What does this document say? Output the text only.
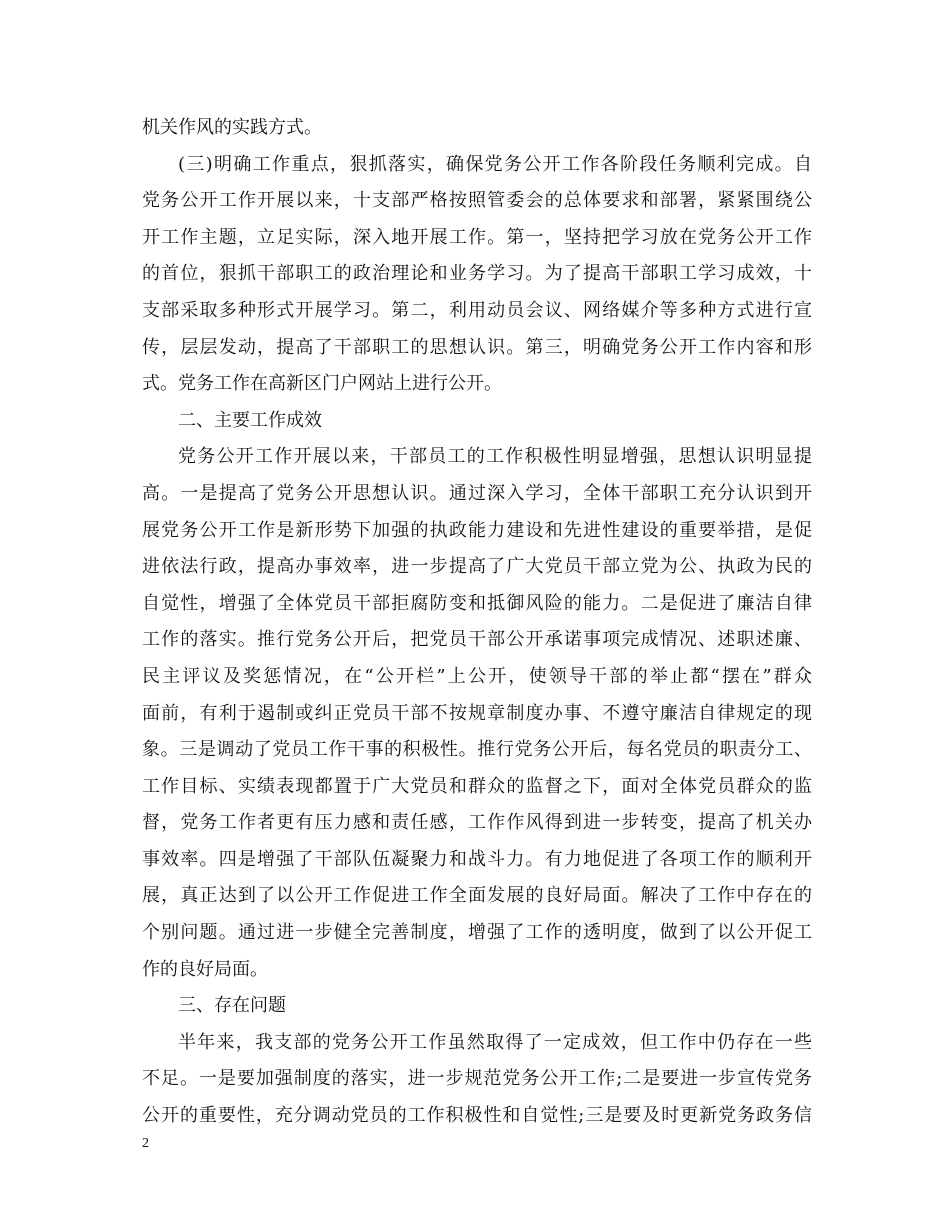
机关作风的实践方式。
(三)明确工作重点，狠抓落实，确保党务公开工作各阶段任务顺利完成。自
党务公开工作开展以来，十支部严格按照管委会的总体要求和部署，紧紧围绕公
开工作主题，立足实际，深入地开展工作。第一，坚持把学习放在党务公开工作
的首位，狠抓干部职工的政治理论和业务学习。为了提高干部职工学习成效，十
支部采取多种形式开展学习。第二，利用动员会议、网络媒介等多种方式进行宣
传，层层发动，提高了干部职工的思想认识。第三，明确党务公开工作内容和形
式。党务工作在高新区门户网站上进行公开。
二、主要工作成效
党务公开工作开展以来，干部员工的工作积极性明显增强，思想认识明显提
高。一是提高了党务公开思想认识。通过深入学习，全体干部职工充分认识到开
展党务公开工作是新形势下加强的执政能力建设和先进性建设的重要举措，是促
进依法行政，提高办事效率，进一步提高了广大党员干部立党为公、执政为民的
自觉性，增强了全体党员干部拒腐防变和抵御风险的能力。二是促进了廉洁自律
工作的落实。推行党务公开后，把党员干部公开承诺事项完成情况、述职述廉、
民主评议及奖惩情况，在“公开栏”上公开，使领导干部的举止都“摆在”群众
面前，有利于遏制或纠正党员干部不按规章制度办事、不遵守廉洁自律规定的现
象。三是调动了党员工作干事的积极性。推行党务公开后，每名党员的职责分工、
工作目标、实绩表现都置于广大党员和群众的监督之下，面对全体党员群众的监
督，党务工作者更有压力感和责任感，工作作风得到进一步转变，提高了机关办
事效率。四是增强了干部队伍凝聚力和战斗力。有力地促进了各项工作的顺利开
展，真正达到了以公开工作促进工作全面发展的良好局面。解决了工作中存在的
个别问题。通过进一步健全完善制度，增强了工作的透明度，做到了以公开促工
作的良好局面。
三、存在问题
半年来，我支部的党务公开工作虽然取得了一定成效，但工作中仍存在一些
不足。一是要加强制度的落实，进一步规范党务公开工作;二是要进一步宣传党务
公开的重要性，充分调动党员的工作积极性和自觉性;三是要及时更新党务政务信
2
